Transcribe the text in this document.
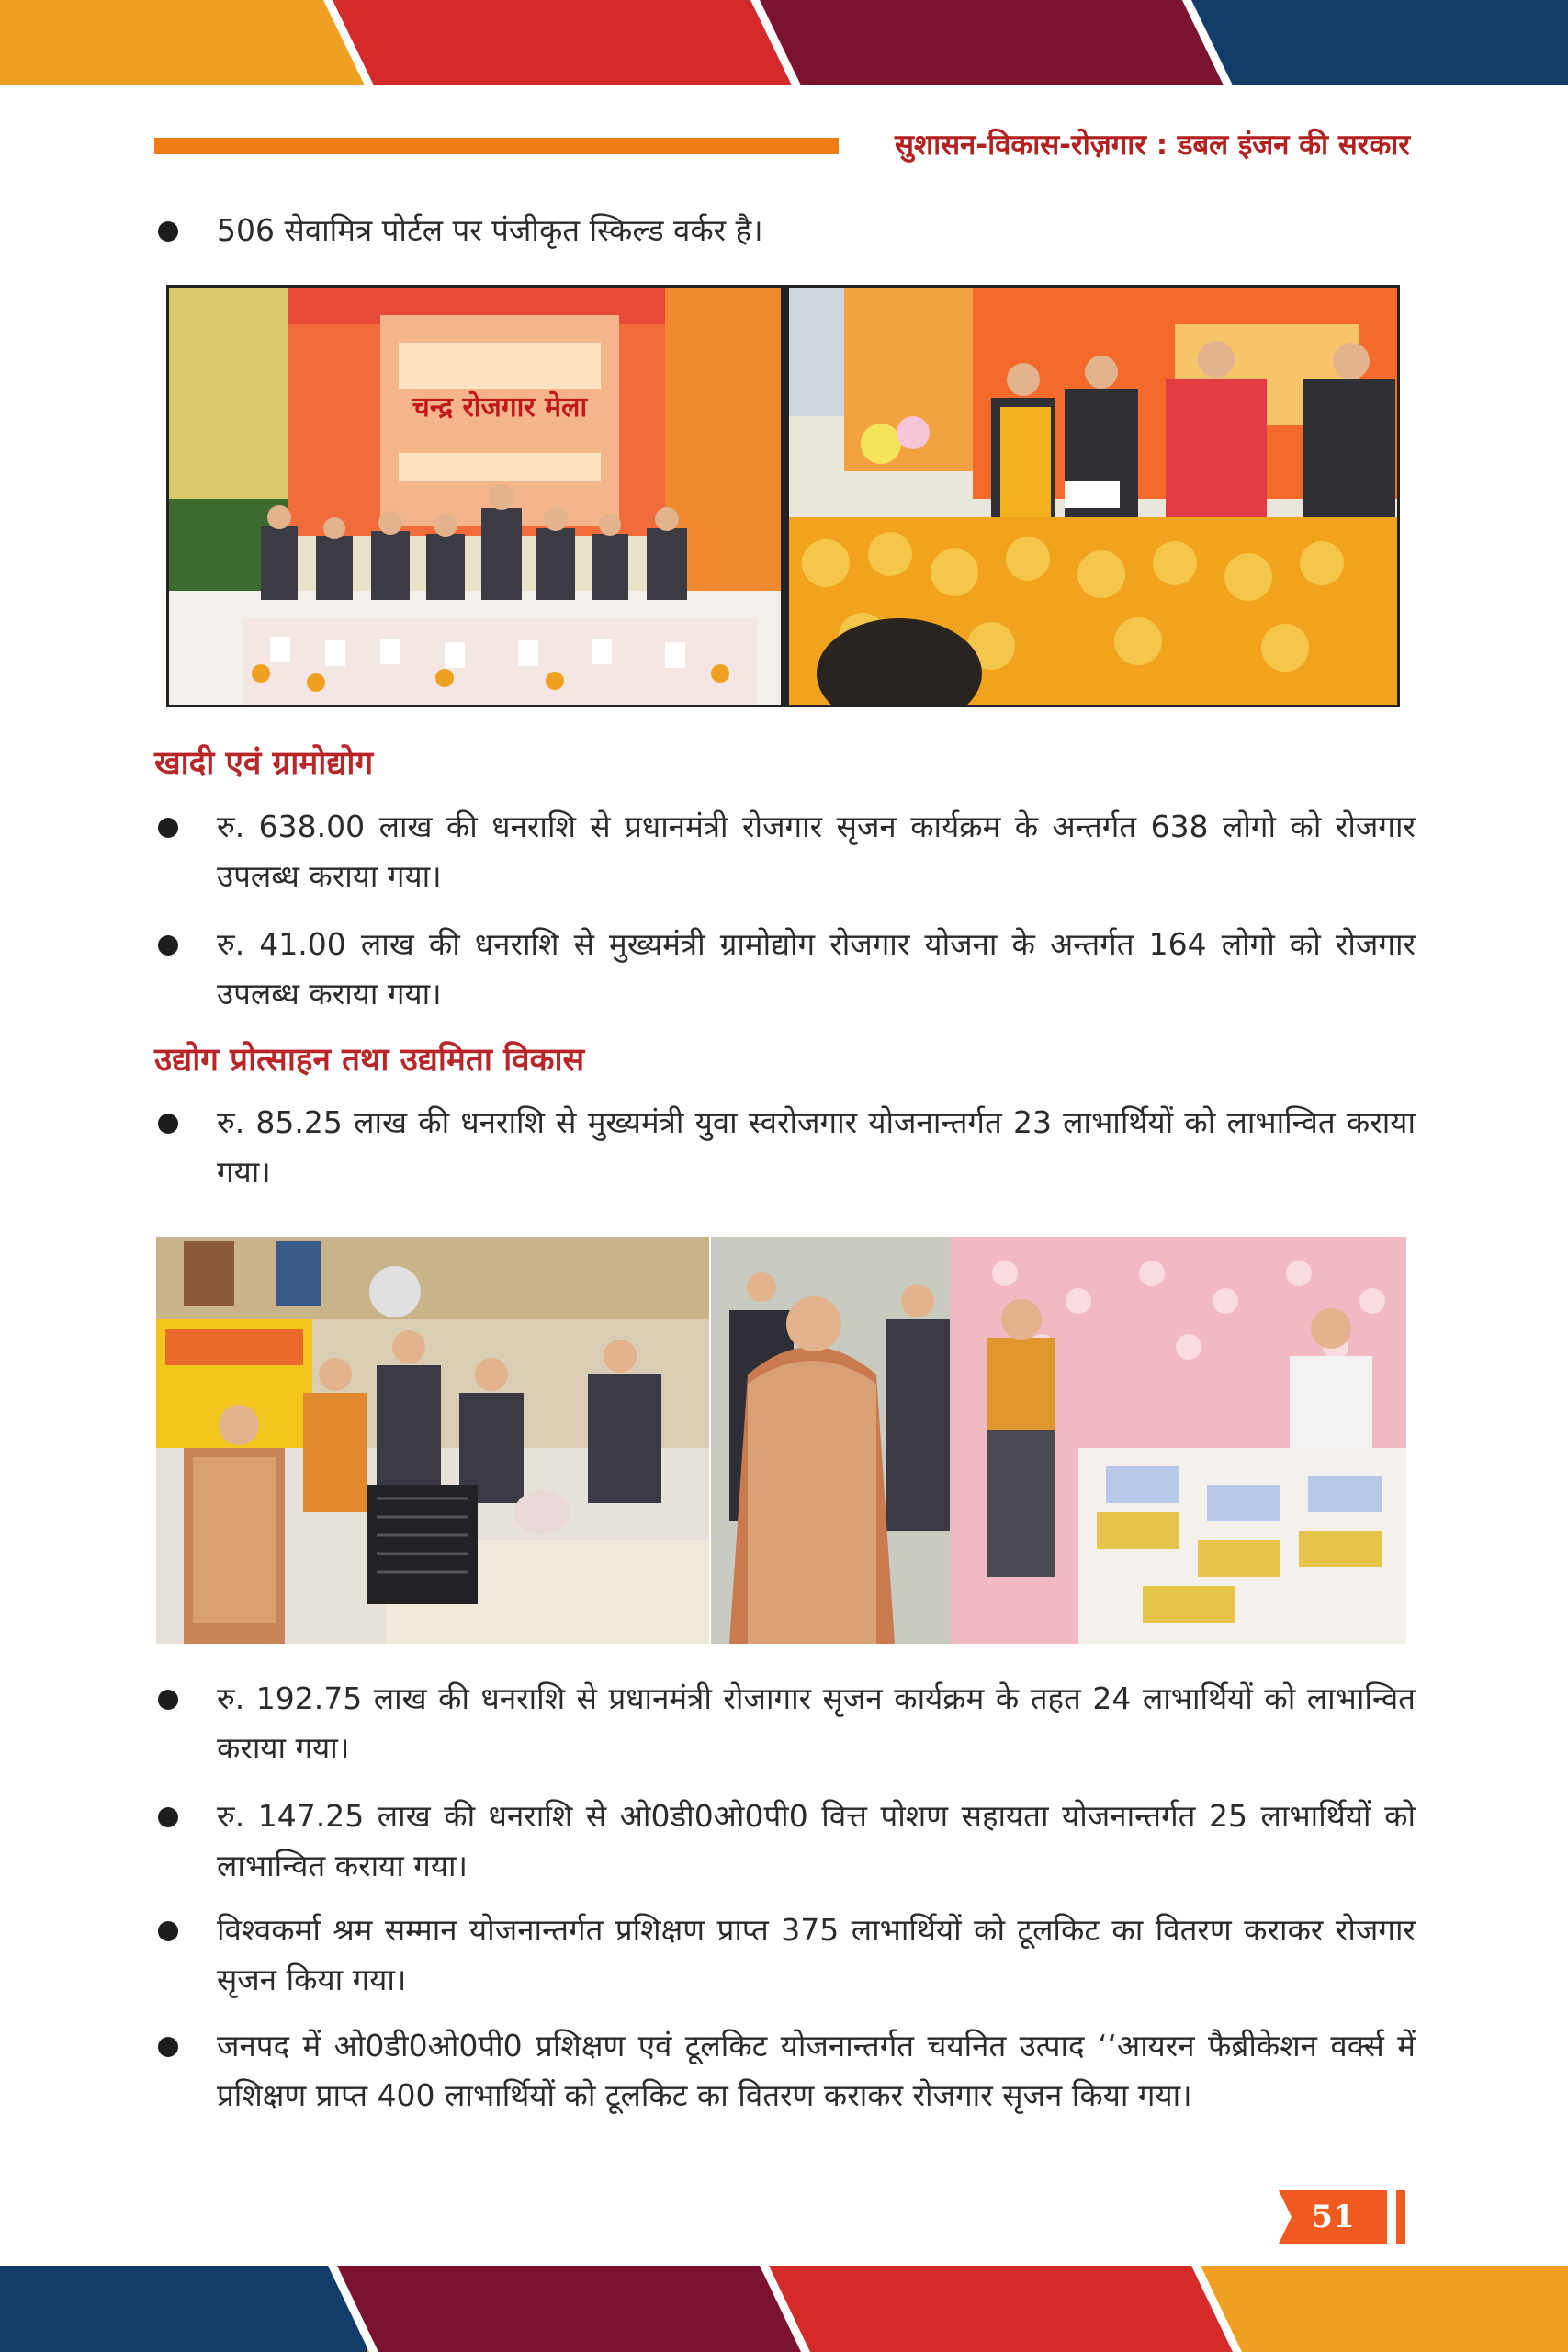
सुशासन-विकास-रोज़गार : डबल इंजन की सरकार
506 सेवामित्र पोर्टल पर पंजीकृत स्किल्ड वर्कर है।
चन्द्र रोजगार मेला
खादी एवं ग्रामोद्योग
रु. 638.00 लाख की धनराशि से प्रधानमंत्री रोजगार सृजन कार्यक्रम के अन्तर्गत 638 लोगो को रोजगार उपलब्ध कराया गया।
रु. 41.00 लाख की धनराशि से मुख्यमंत्री ग्रामोद्योग रोजगार योजना के अन्तर्गत 164 लोगो को रोजगार उपलब्ध कराया गया।
उद्योग प्रोत्साहन तथा उद्यमिता विकास
रु. 85.25 लाख की धनराशि से मुख्यमंत्री युवा स्वरोजगार योजनान्तर्गत 23 लाभार्थियों को लाभान्वित कराया गया।
रु. 192.75 लाख की धनराशि से प्रधानमंत्री रोजागार सृजन कार्यक्रम के तहत 24 लाभार्थियों को लाभान्वित कराया गया।
रु. 147.25 लाख की धनराशि से ओ0डी0ओ0पी0 वित्त पोशण सहायता योजनान्तर्गत 25 लाभार्थियों को लाभान्वित कराया गया।
विश्वकर्मा श्रम सम्मान योजनान्तर्गत प्रशिक्षण प्राप्त 375 लाभार्थियों को टूलकिट का वितरण कराकर रोजगार सृजन किया गया।
जनपद में ओ0डी0ओ0पी0 प्रशिक्षण एवं टूलकिट योजनान्तर्गत चयनित उत्पाद ‘‘आयरन फैब्रीकेशन वर्क्स में प्रशिक्षण प्राप्त 400 लाभार्थियों को टूलकिट का वितरण कराकर रोजगार सृजन किया गया।
51
